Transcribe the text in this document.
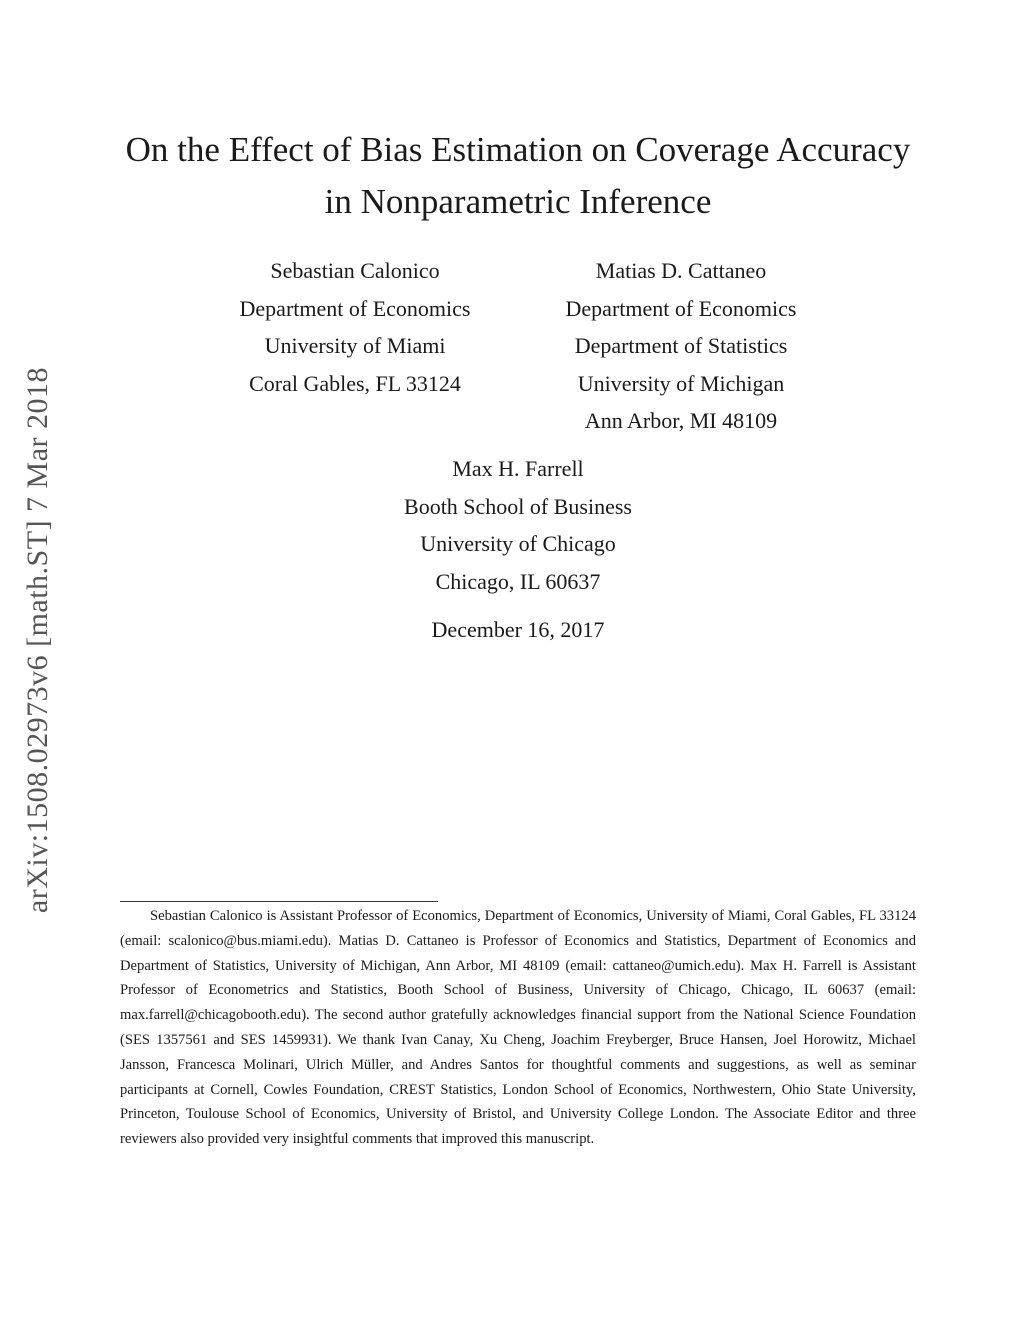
arXiv:1508.02973v6 [math.ST] 7 Mar 2018
On the Effect of Bias Estimation on Coverage Accuracy
in Nonparametric Inference
Sebastian Calonico
Department of Economics
University of Miami
Coral Gables, FL 33124
Matias D. Cattaneo
Department of Economics
Department of Statistics
University of Michigan
Ann Arbor, MI 48109
Max H. Farrell
Booth School of Business
University of Chicago
Chicago, IL 60637
December 16, 2017

Sebastian Calonico is Assistant Professor of Economics, Department of Economics, University of Miami, Coral Gables, FL 33124 (email: scalonico@bus.miami.edu). Matias D. Cattaneo is Professor of Economics and Statistics, Department of Economics and Department of Statistics, University of Michigan, Ann Arbor, MI 48109 (email: cattaneo@umich.edu). Max H. Farrell is Assistant Professor of Econometrics and Statistics, Booth School of Business, University of Chicago, Chicago, IL 60637 (email: max.farrell@chicagobooth.edu). The second author gratefully acknowledges financial support from the National Science Foundation (SES 1357561 and SES 1459931). We thank Ivan Canay, Xu Cheng, Joachim Freyberger, Bruce Hansen, Joel Horowitz, Michael Jansson, Francesca Molinari, Ulrich Müller, and Andres Santos for thoughtful comments and suggestions, as well as seminar participants at Cornell, Cowles Foundation, CREST Statistics, London School of Economics, Northwestern, Ohio State University, Princeton, Toulouse School of Economics, University of Bristol, and University College London. The Associate Editor and three reviewers also provided very insightful comments that improved this manuscript.
